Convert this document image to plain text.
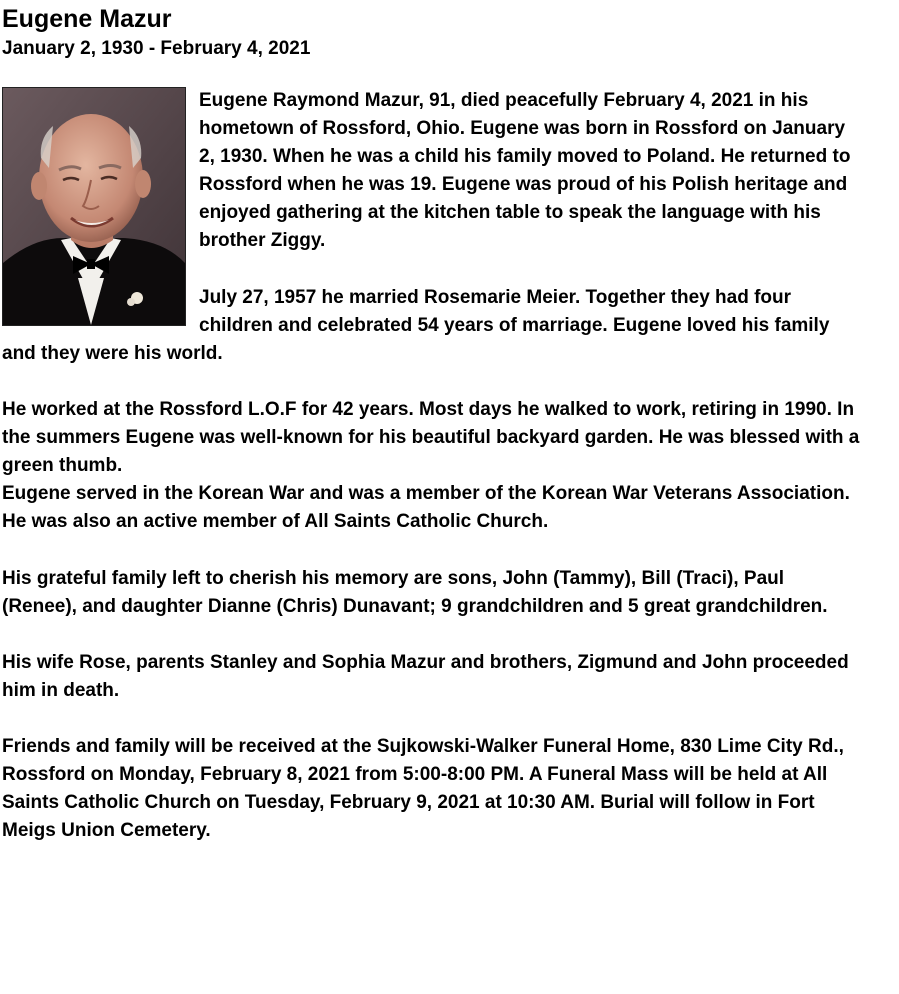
Eugene Mazur
January 2, 1930 - February 4, 2021

Eugene Raymond Mazur, 91, died peacefully February 4, 2021 in his hometown of Rossford, Ohio. Eugene was born in Rossford on January 2, 1930. When he was a child his family moved to Poland. He returned to Rossford when he was 19. Eugene was proud of his Polish heritage and enjoyed gathering at the kitchen table to speak the language with his brother Ziggy.

July 27, 1957 he married Rosemarie Meier. Together they had four children and celebrated 54 years of marriage. Eugene loved his family and they were his world.

He worked at the Rossford L.O.F for 42 years. Most days he walked to work, retiring in 1990. In the summers Eugene was well-known for his beautiful backyard garden. He was blessed with a green thumb.
Eugene served in the Korean War and was a member of the Korean War Veterans Association. He was also an active member of All Saints Catholic Church.

His grateful family left to cherish his memory are sons, John (Tammy), Bill (Traci), Paul (Renee), and daughter Dianne (Chris) Dunavant; 9 grandchildren and 5 great grandchildren.

His wife Rose, parents Stanley and Sophia Mazur and brothers, Zigmund and John proceeded him in death.

Friends and family will be received at the Sujkowski-Walker Funeral Home, 830 Lime City Rd., Rossford on Monday, February 8, 2021 from 5:00-8:00 PM. A Funeral Mass will be held at All Saints Catholic Church on Tuesday, February 9, 2021 at 10:30 AM. Burial will follow in Fort Meigs Union Cemetery.
